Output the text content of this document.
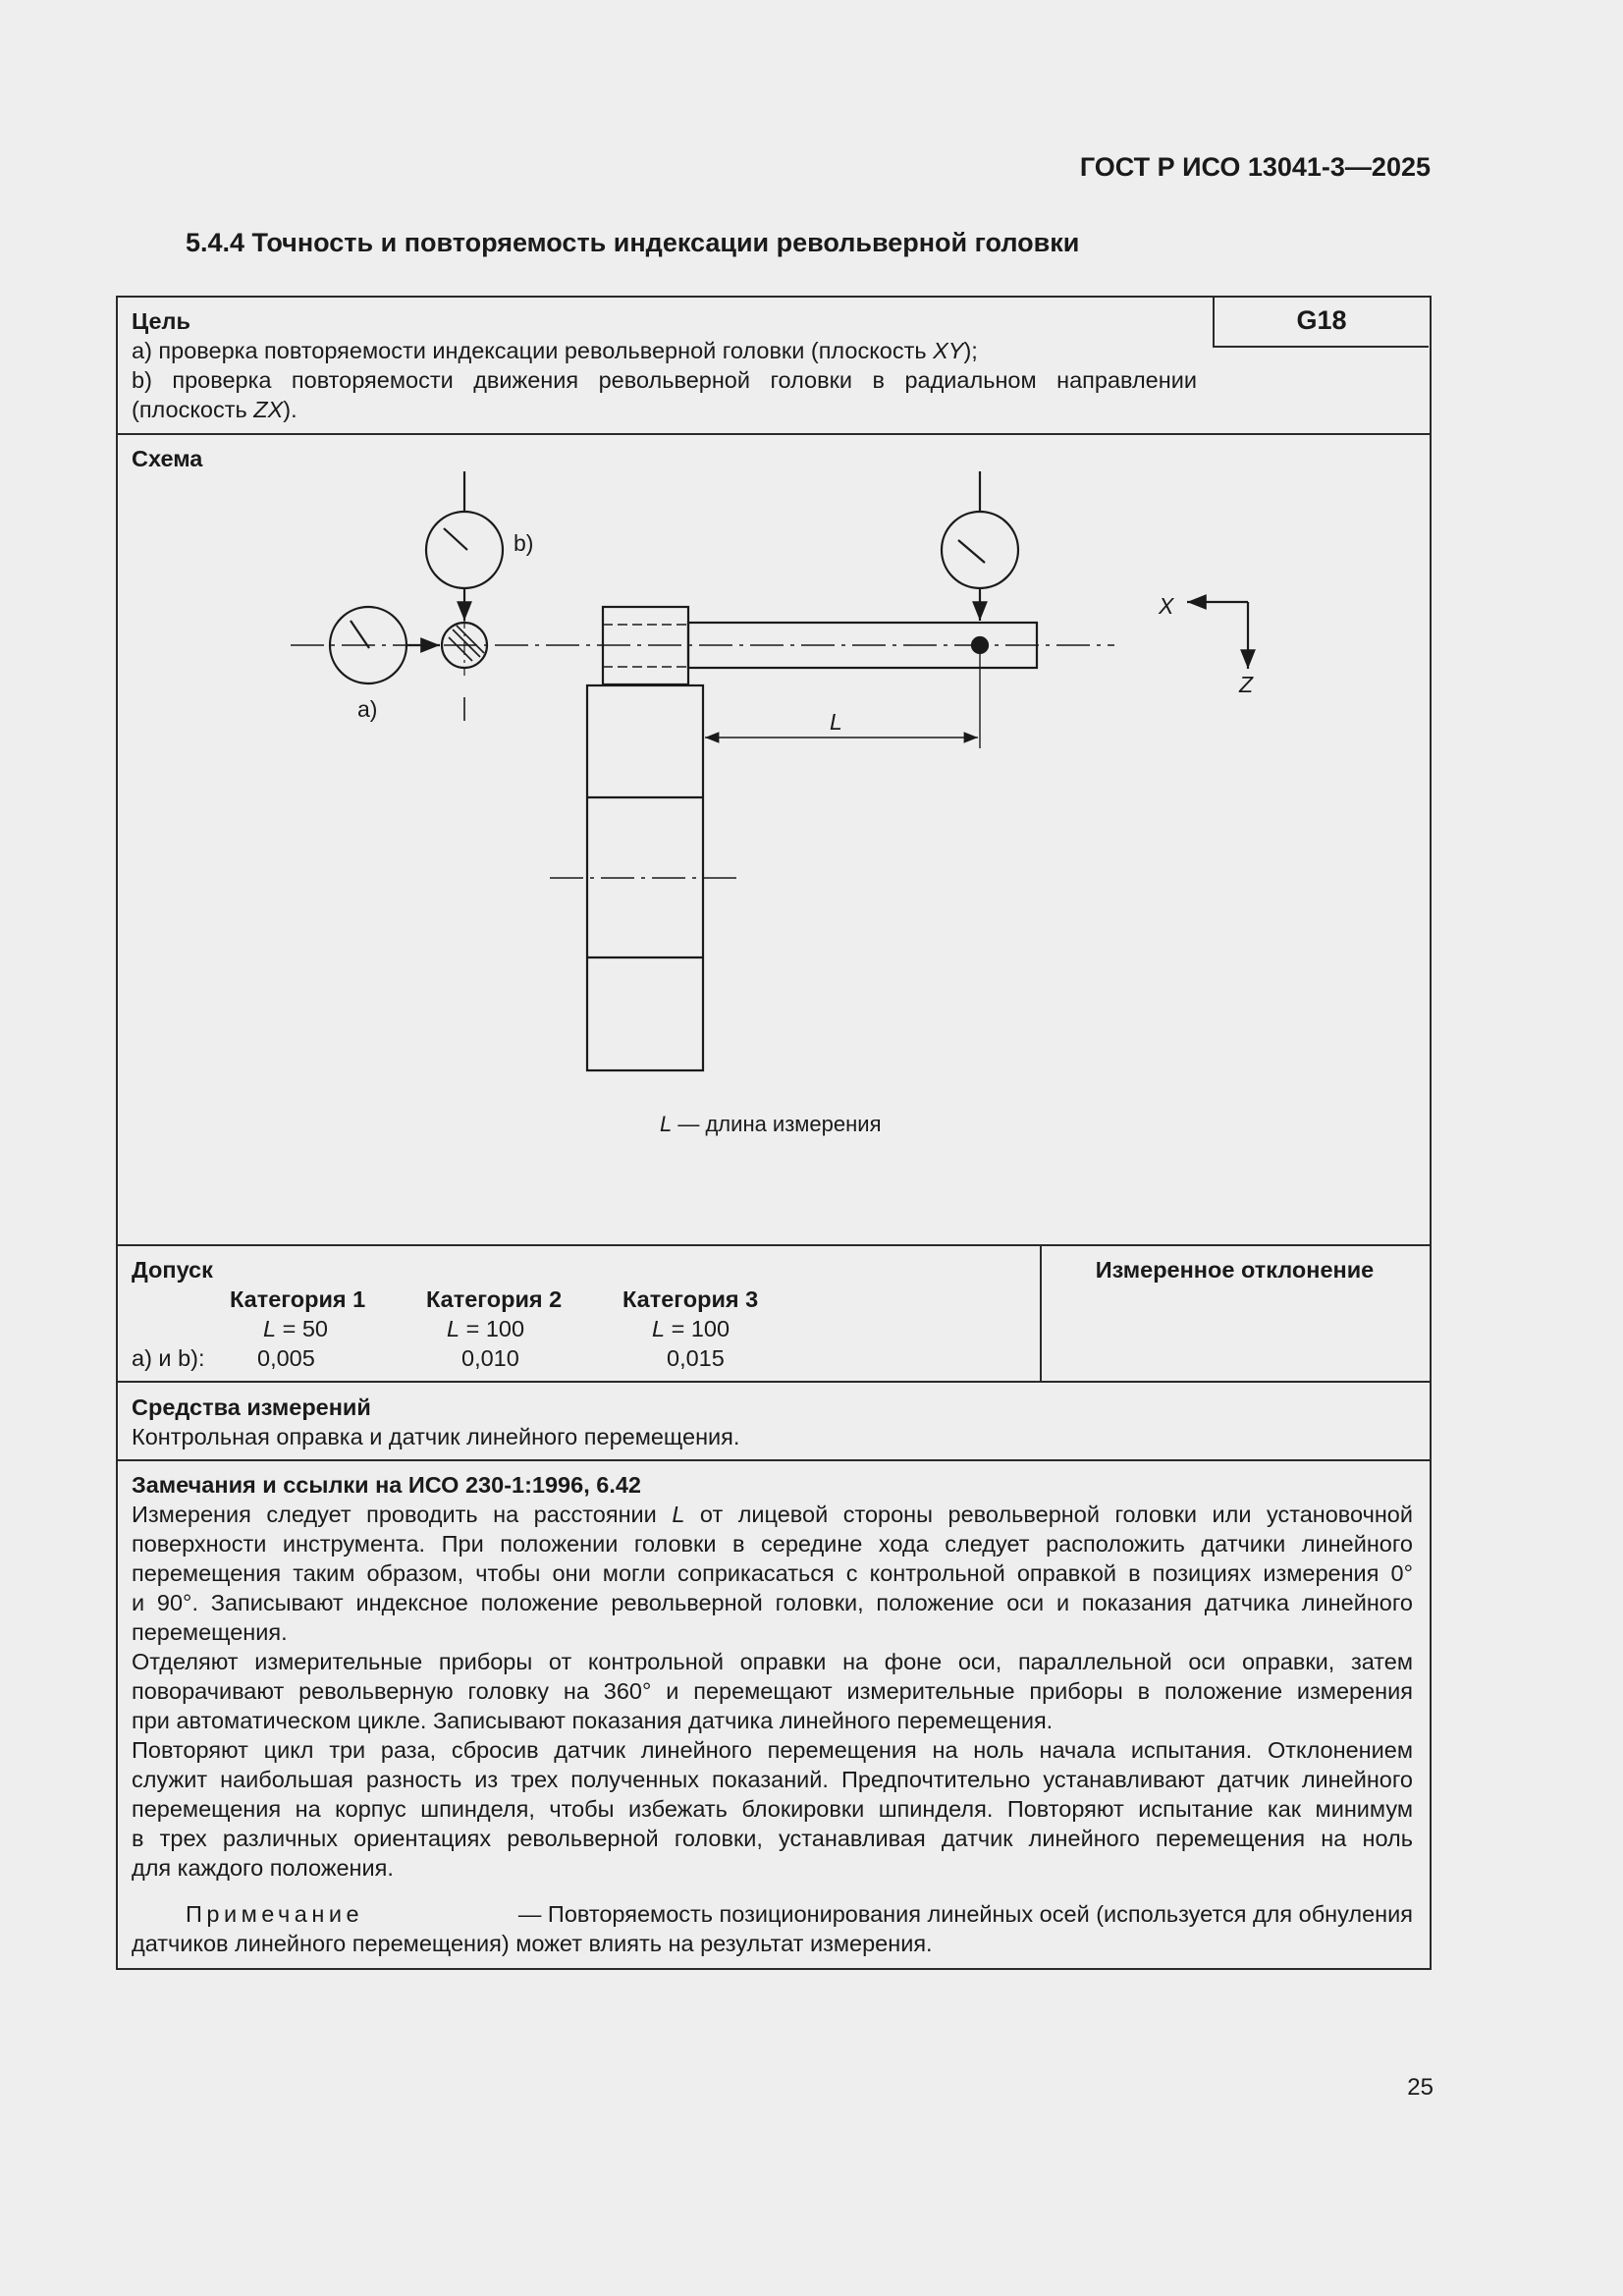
ГОСТ Р ИСО 13041-3—2025
5.4.4 Точность и повторяемость индексации револьверной головки
G18
Цель
a) проверка повторяемости индексации револьверной головки (плоскость XY);
b) проверка повторяемости движения револьверной головки в радиальном направлении
(плоскость ZX).
Схема
a)
b)
X
Z
L
L — длина измерения
Допуск	Измеренное отклонение
Категория 1	Категория 2	Категория 3
L = 50	L = 100	L = 100
a) и b): 0,005	0,010	0,015
Средства измерений
Контрольная оправка и датчик линейного перемещения.
Замечания и ссылки на ИСО 230-1:1996, 6.42
Измерения следует проводить на расстоянии L от лицевой стороны револьверной головки или установочной
поверхности инструмента. При положении головки в середине хода следует расположить датчики линейного
перемещения таким образом, чтобы они могли соприкасаться с контрольной оправкой в позициях измерения 0°
и 90°. Записывают индексное положение револьверной головки, положение оси и показания датчика линейного
перемещения.
Отделяют измерительные приборы от контрольной оправки на фоне оси, параллельной оси оправки, затем
поворачивают револьверную головку на 360° и перемещают измерительные приборы в положение измерения
при автоматическом цикле. Записывают показания датчика линейного перемещения.
Повторяют цикл три раза, сбросив датчик линейного перемещения на ноль начала испытания. Отклонением
служит наибольшая разность из трех полученных показаний. Предпочтительно устанавливают датчик линейного
перемещения на корпус шпинделя, чтобы избежать блокировки шпинделя. Повторяют испытание как минимум
в трех различных ориентациях револьверной головки, устанавливая датчик линейного перемещения на ноль
для каждого положения.
Примечание	— Повторяемость позиционирования линейных осей (используется для обнуления
датчиков линейного перемещения) может влиять на результат измерения.
25
